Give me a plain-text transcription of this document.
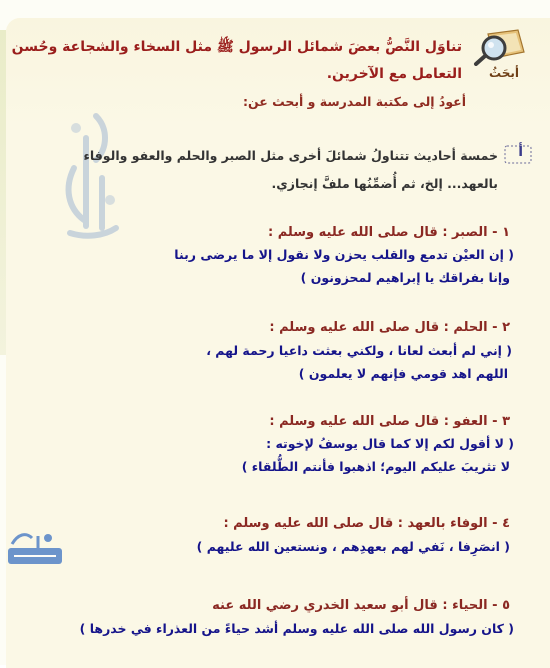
أبحَثُ
تناوَل النَّصُّ بعضَ شمائل الرسول ﷺ مثل السخاء والشجاعة وحُسن
التعامل مع الآخرين.
أعودُ إلى مكتبة المدرسة و أبحث عن:
أ
خمسة أحاديث تتناولُ شمائلَ أخرى مثل الصبر والحلم والعفو والوفاء
بالعهد... إلخ، ثم أُضمِّنُها ملفَّ إنجازي.
١ - الصبر : قال صلى الله عليه وسلم :
( إن العيْن تدمع والقلب يحزن ولا نقول إلا ما يرضى ربنا
وإنا بفراقك يا إبراهيم لمحزونون )
٢ - الحلم : قال صلى الله عليه وسلم :
( إني لم أبعث لعانا ، ولكني بعثت داعيا رحمة لهم ،
اللهم اهد قومي فإنهم لا يعلمون )
٣ - العفو : قال صلى الله عليه وسلم :
( لا أقول لكم إلا كما قال يوسفُ لإخوته :
لا تثريبَ عليكم اليوم؛ اذهبوا فأنتم الطُّلقاء )
٤ - الوفاء بالعهد : قال صلى الله عليه وسلم :
( انصَرِفا ، نَفي لهم بعهدِهم ، ونستعين الله عليهم )
٥ - الحياء : قال أبو سعيد الخدري رضي الله عنه
( كان رسول الله صلى الله عليه وسلم أشد حياءً من العذراء في خدرها )
